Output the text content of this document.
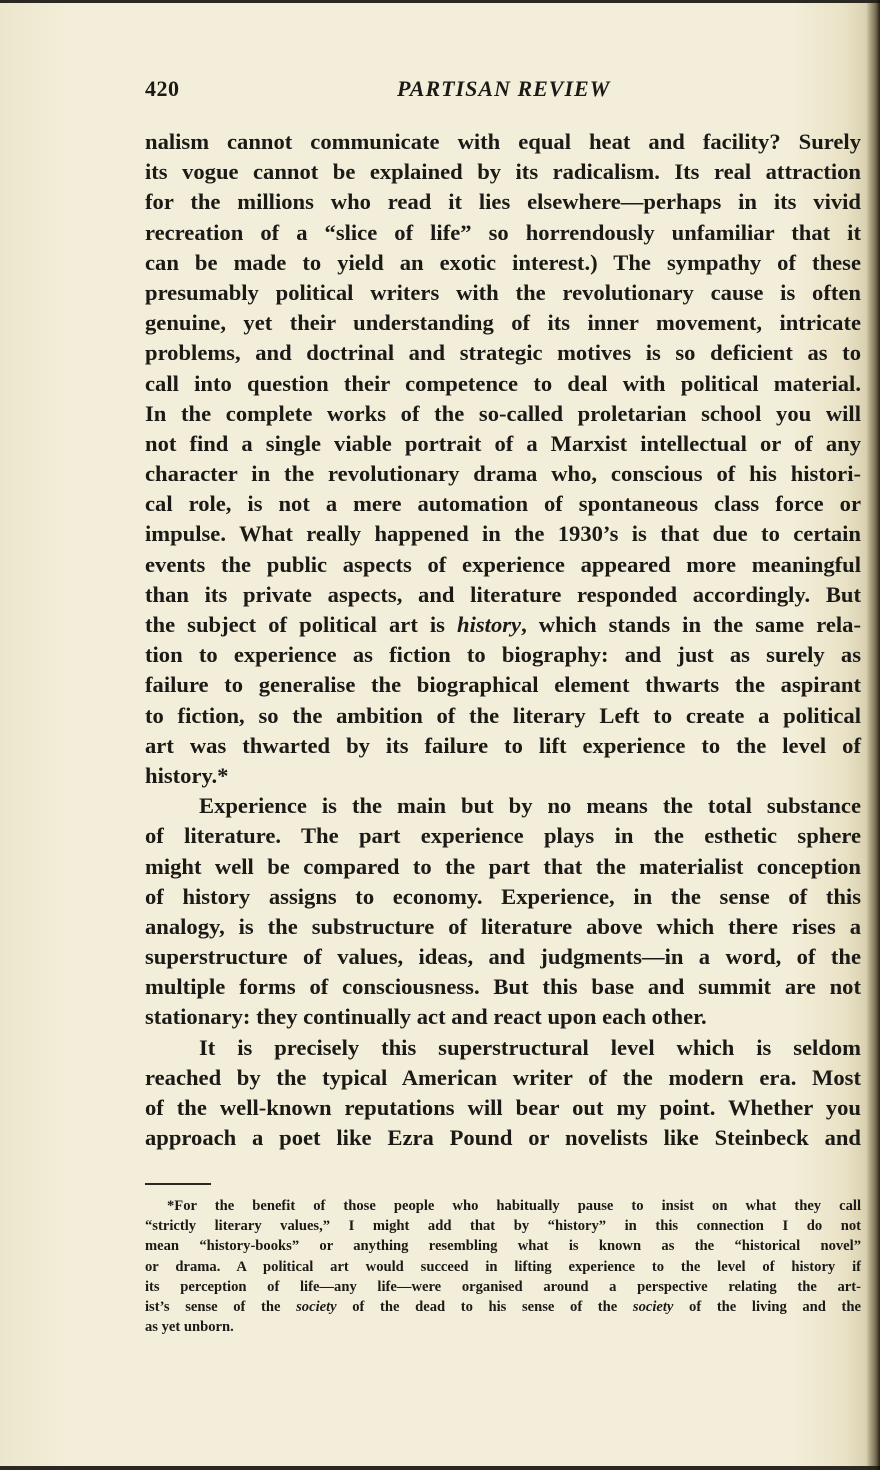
420	PARTISAN REVIEW
nalism cannot communicate with equal heat and facility? Surely
its vogue cannot be explained by its radicalism. Its real attraction
for the millions who read it lies elsewhere—perhaps in its vivid
recreation of a “slice of life” so horrendously unfamiliar that it
can be made to yield an exotic interest.) The sympathy of these
presumably political writers with the revolutionary cause is often
genuine, yet their understanding of its inner movement, intricate
problems, and doctrinal and strategic motives is so deficient as to
call into question their competence to deal with political material.
In the complete works of the so-called proletarian school you will
not find a single viable portrait of a Marxist intellectual or of any
character in the revolutionary drama who, conscious of his histori-
cal role, is not a mere automation of spontaneous class force or
impulse. What really happened in the 1930’s is that due to certain
events the public aspects of experience appeared more meaningful
than its private aspects, and literature responded accordingly. But
the subject of political art is history, which stands in the same rela-
tion to experience as fiction to biography: and just as surely as
failure to generalise the biographical element thwarts the aspirant
to fiction, so the ambition of the literary Left to create a political
art was thwarted by its failure to lift experience to the level of
history.*
Experience is the main but by no means the total substance
of literature. The part experience plays in the esthetic sphere
might well be compared to the part that the materialist conception
of history assigns to economy. Experience, in the sense of this
analogy, is the substructure of literature above which there rises a
superstructure of values, ideas, and judgments—in a word, of the
multiple forms of consciousness. But this base and summit are not
stationary: they continually act and react upon each other.
It is precisely this superstructural level which is seldom
reached by the typical American writer of the modern era. Most
of the well-known reputations will bear out my point. Whether you
approach a poet like Ezra Pound or novelists like Steinbeck and
*For the benefit of those people who habitually pause to insist on what they call
“strictly literary values,” I might add that by “history” in this connection I do not
mean “history-books” or anything resembling what is known as the “historical novel”
or drama. A political art would succeed in lifting experience to the level of history if
its perception of life—any life—were organised around a perspective relating the art-
ist’s sense of the society of the dead to his sense of the society of the living and the
as yet unborn.
